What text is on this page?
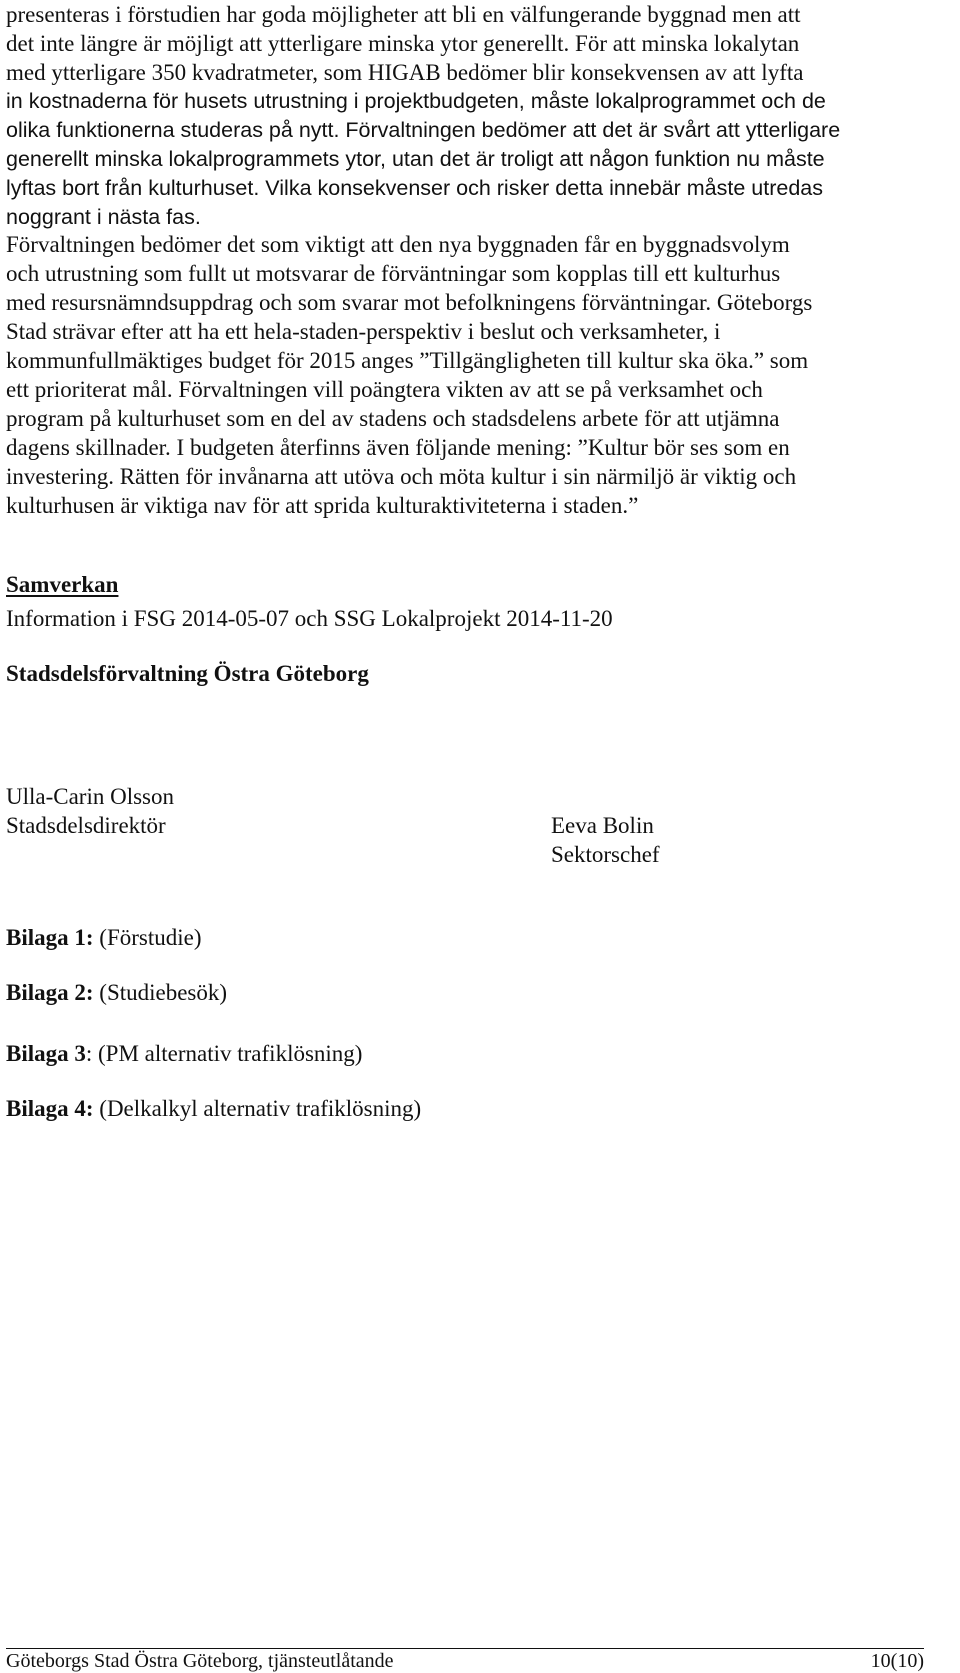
presenteras i förstudien har goda möjligheter att bli en välfungerande byggnad men att
det inte längre är möjligt att ytterligare minska ytor generellt. För att minska lokalytan
med ytterligare 350 kvadratmeter, som HIGAB bedömer blir konsekvensen av att lyfta
in kostnaderna för husets utrustning i projektbudgeten, måste lokalprogrammet och de
olika funktionerna studeras på nytt. Förvaltningen bedömer att det är svårt att ytterligare
generellt minska lokalprogrammets ytor, utan det är troligt att någon funktion nu måste
lyftas bort från kulturhuset. Vilka konsekvenser och risker detta innebär måste utredas
noggrant i nästa fas.
Förvaltningen bedömer det som viktigt att den nya byggnaden får en byggnadsvolym
och utrustning som fullt ut motsvarar de förväntningar som kopplas till ett kulturhus
med resursnämndsuppdrag och som svarar mot befolkningens förväntningar. Göteborgs
Stad strävar efter att ha ett hela-staden-perspektiv i beslut och verksamheter, i
kommunfullmäktiges budget för 2015 anges ”Tillgängligheten till kultur ska öka.” som
ett prioriterat mål. Förvaltningen vill poängtera vikten av att se på verksamhet och
program på kulturhuset som en del av stadens och stadsdelens arbete för att utjämna
dagens skillnader. I budgeten återfinns även följande mening: ”Kultur bör ses som en
investering. Rätten för invånarna att utöva och möta kultur i sin närmiljö är viktig och
kulturhusen är viktiga nav för att sprida kulturaktiviteterna i staden.”
Samverkan
Information i FSG 2014-05-07 och SSG Lokalprojekt 2014-11-20
Stadsdelsförvaltning Östra Göteborg
Ulla-Carin Olsson
Stadsdelsdirektör	Eeva Bolin
Sektorschef
Bilaga 1: (Förstudie)
Bilaga 2: (Studiebesök)
Bilaga 3: (PM alternativ trafiklösning)
Bilaga 4: (Delkalkyl alternativ trafiklösning)
Göteborgs Stad Östra Göteborg, tjänsteutlåtande	10(10)
